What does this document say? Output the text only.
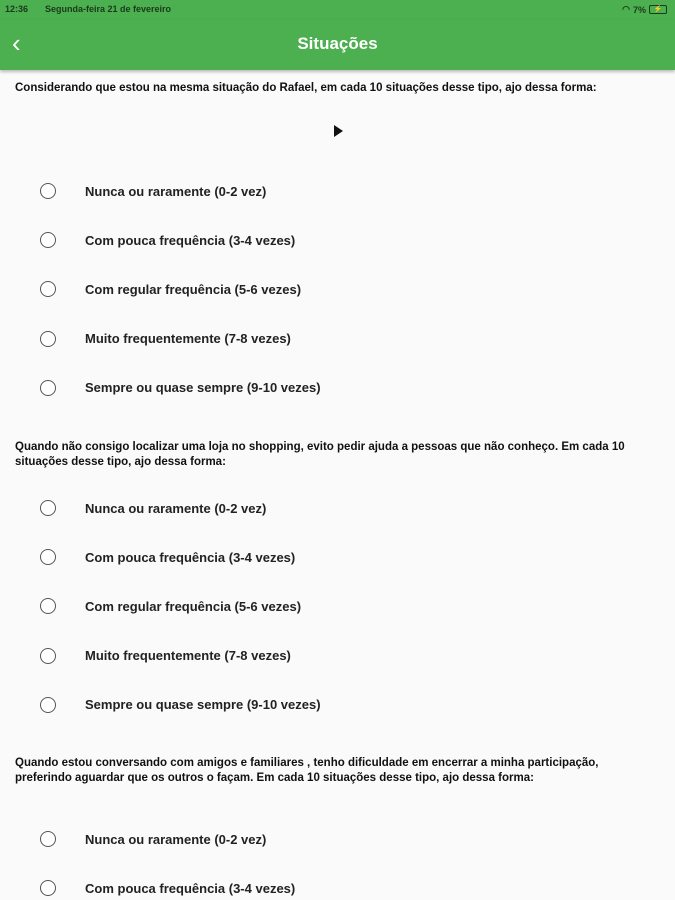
12:36 Segunda-feira 21 de fevereiro	◠ 7%	⚡
‹	Situações
Considerando que estou na mesma situação do Rafael, em cada 10 situações desse tipo, ajo dessa forma:
Quando não consigo localizar uma loja no shopping, evito pedir ajuda a pessoas que não conheço. Em cada 10 situações desse tipo, ajo dessa forma:
Quando estou conversando com amigos e familiares , tenho dificuldade em encerrar a minha participação, preferindo aguardar que os outros o façam. Em cada 10 situações desse tipo, ajo dessa forma:
Nunca ou raramente (0-2 vez)
Com pouca frequência (3-4 vezes)
Com regular frequência (5-6 vezes)
Muito frequentemente (7-8 vezes)
Sempre ou quase sempre (9-10 vezes)
Nunca ou raramente (0-2 vez)
Com pouca frequência (3-4 vezes)
Com regular frequência (5-6 vezes)
Muito frequentemente (7-8 vezes)
Sempre ou quase sempre (9-10 vezes)
Nunca ou raramente (0-2 vez)
Com pouca frequência (3-4 vezes)
